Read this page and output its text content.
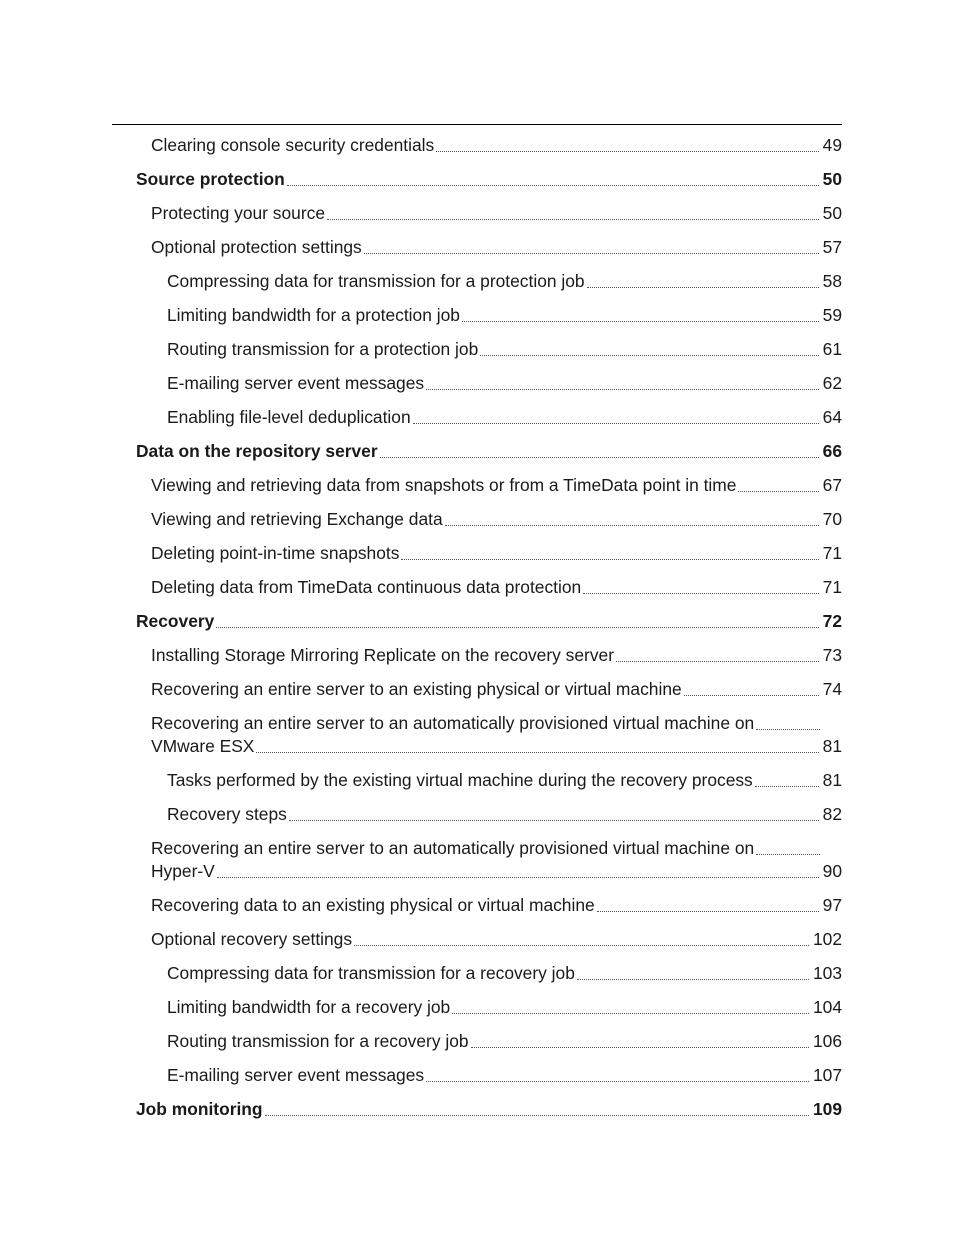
Clearing console security credentials	49
Source protection	50
Protecting your source	50
Optional protection settings	57
Compressing data for transmission for a protection job	58
Limiting bandwidth for a protection job	59
Routing transmission for a protection job	61
E-mailing server event messages	62
Enabling file-level deduplication	64
Data on the repository server	66
Viewing and retrieving data from snapshots or from a TimeData point in time	67
Viewing and retrieving Exchange data	70
Deleting point-in-time snapshots	71
Deleting data from TimeData continuous data protection	71
Recovery	72
Installing Storage Mirroring Replicate on the recovery server	73
Recovering an entire server to an existing physical or virtual machine	74
Recovering an entire server to an automatically provisioned virtual machine on
VMware ESX	81
Tasks performed by the existing virtual machine during the recovery process	81
Recovery steps	82
Recovering an entire server to an automatically provisioned virtual machine on
Hyper-V	90
Recovering data to an existing physical or virtual machine	97
Optional recovery settings	102
Compressing data for transmission for a recovery job	103
Limiting bandwidth for a recovery job	104
Routing transmission for a recovery job	106
E-mailing server event messages	107
Job monitoring	109
